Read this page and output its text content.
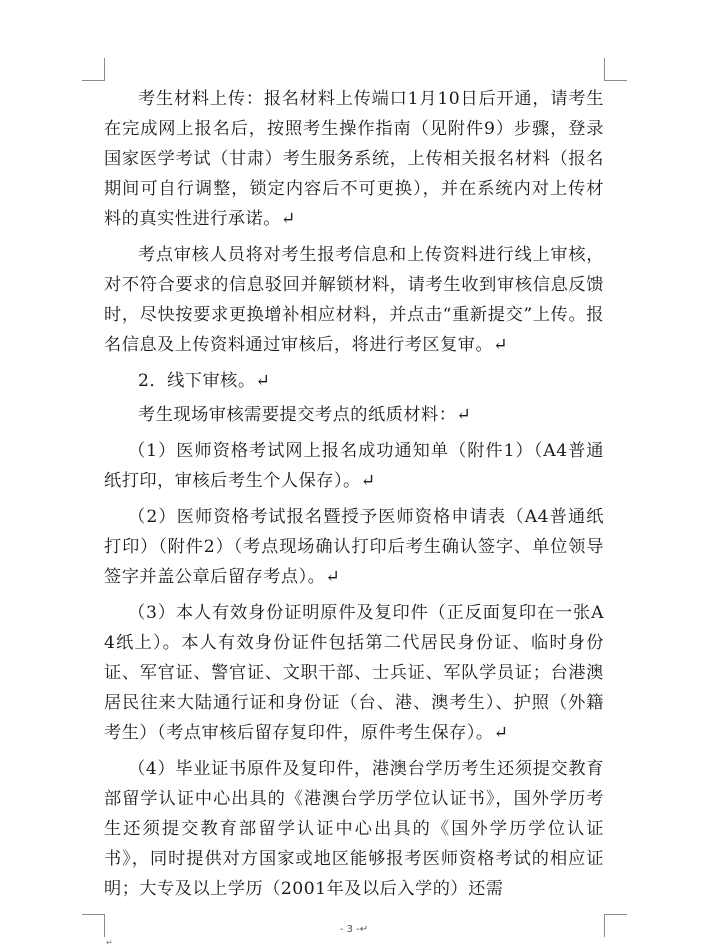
考生材料上传：报名材料上传端口1月10日后开通，请考生在完成网上报名后，按照考生操作指南（见附件9）步骤，登录国家医学考试（甘肃）考生服务系统，上传相关报名材料（报名期间可自行调整，锁定内容后不可更换），并在系统内对上传材料的真实性进行承诺。↵

考点审核人员将对考生报考信息和上传资料进行线上审核，对不符合要求的信息驳回并解锁材料，请考生收到审核信息反馈时，尽快按要求更换增补相应材料，并点击“重新提交”上传。报名信息及上传资料通过审核后，将进行考区复审。↵

2．线下审核。↵

考生现场审核需要提交考点的纸质材料：↵

（1）医师资格考试网上报名成功通知单（附件1）（A4普通纸打印，审核后考生个人保存）。↵

（2）医师资格考试报名暨授予医师资格申请表（A4普通纸打印）（附件2）（考点现场确认打印后考生确认签字、单位领导签字并盖公章后留存考点）。↵

（3）本人有效身份证明原件及复印件（正反面复印在一张A4纸上）。本人有效身份证件包括第二代居民身份证、临时身份证、军官证、警官证、文职干部、士兵证、军队学员证；台港澳居民往来大陆通行证和身份证（台、港、澳考生）、护照（外籍考生）（考点审核后留存复印件，原件考生保存）。↵

（4）毕业证书原件及复印件，港澳台学历考生还须提交教育部留学认证中心出具的《港澳台学历学位认证书》，国外学历考生还须提交教育部留学认证中心出具的《国外学历学位认证书》，同时提供对方国家或地区能够报考医师资格考试的相应证明；大专及以上学历（2001年及以后入学的）还需

- 3 -↵
↵
